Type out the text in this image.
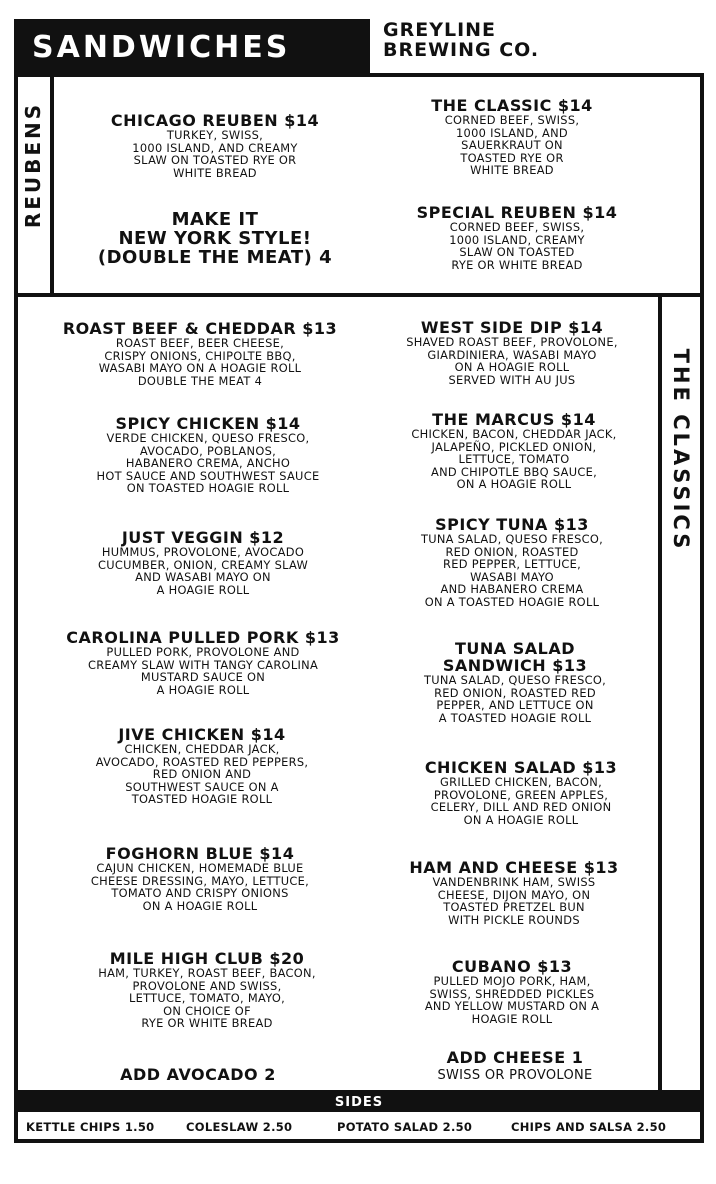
SANDWICHES	GREYLINE
BREWING CO.
REUBENS
THE CLASSICS
CHICAGO REUBEN $14
TURKEY, SWISS,
1000 ISLAND, AND CREAMY
SLAW ON TOASTED RYE OR
WHITE BREAD
MAKE IT
NEW YORK STYLE!
(DOUBLE THE MEAT) 4
THE CLASSIC $14
CORNED BEEF, SWISS,
1000 ISLAND, AND
SAUERKRAUT ON
TOASTED RYE OR
WHITE BREAD
SPECIAL REUBEN $14
CORNED BEEF, SWISS,
1000 ISLAND, CREAMY
SLAW ON TOASTED
RYE OR WHITE BREAD
ROAST BEEF & CHEDDAR $13
ROAST BEEF, BEER CHEESE,
CRISPY ONIONS, CHIPOLTE BBQ,
WASABI MAYO ON A HOAGIE ROLL
DOUBLE THE MEAT 4
SPICY CHICKEN $14
VERDE CHICKEN, QUESO FRESCO,
AVOCADO, POBLANOS,
HABANERO CREMA, ANCHO
HOT SAUCE AND SOUTHWEST SAUCE
ON TOASTED HOAGIE ROLL
JUST VEGGIN $12
HUMMUS, PROVOLONE, AVOCADO
CUCUMBER, ONION, CREAMY SLAW
AND WASABI MAYO ON
A HOAGIE ROLL
CAROLINA PULLED PORK $13
PULLED PORK, PROVOLONE AND
CREAMY SLAW WITH TANGY CAROLINA
MUSTARD SAUCE ON
A HOAGIE ROLL
JIVE CHICKEN $14
CHICKEN, CHEDDAR JACK,
AVOCADO, ROASTED RED PEPPERS,
RED ONION AND
SOUTHWEST SAUCE ON A
TOASTED HOAGIE ROLL
FOGHORN BLUE $14
CAJUN CHICKEN, HOMEMADE BLUE
CHEESE DRESSING, MAYO, LETTUCE,
TOMATO AND CRISPY ONIONS
ON A HOAGIE ROLL
MILE HIGH CLUB $20
HAM, TURKEY, ROAST BEEF, BACON,
PROVOLONE AND SWISS,
LETTUCE, TOMATO, MAYO,
ON CHOICE OF
RYE OR WHITE BREAD
ADD AVOCADO 2
WEST SIDE DIP $14
SHAVED ROAST BEEF, PROVOLONE,
GIARDINIERA, WASABI MAYO
ON A HOAGIE ROLL
SERVED WITH AU JUS
THE MARCUS $14
CHICKEN, BACON, CHEDDAR JACK,
JALAPEÑO, PICKLED ONION,
LETTUCE, TOMATO
AND CHIPOTLE BBQ SAUCE,
ON A HOAGIE ROLL
SPICY TUNA $13
TUNA SALAD, QUESO FRESCO,
RED ONION, ROASTED
RED PEPPER, LETTUCE,
WASABI MAYO
AND HABANERO CREMA
ON A TOASTED HOAGIE ROLL
TUNA SALAD
SANDWICH $13
TUNA SALAD, QUESO FRESCO,
RED ONION, ROASTED RED
PEPPER, AND LETTUCE ON
A TOASTED HOAGIE ROLL
CHICKEN SALAD $13
GRILLED CHICKEN, BACON,
PROVOLONE, GREEN APPLES,
CELERY, DILL AND RED ONION
ON A HOAGIE ROLL
HAM AND CHEESE $13
VANDENBRINK HAM, SWISS
CHEESE, DIJON MAYO, ON
TOASTED PRETZEL BUN
WITH PICKLE ROUNDS
CUBANO $13
PULLED MOJO PORK, HAM,
SWISS, SHREDDED PICKLES
AND YELLOW MUSTARD ON A
HOAGIE ROLL
ADD CHEESE 1
SWISS OR PROVOLONE
SIDES
KETTLE CHIPS 1.50	COLESLAW 2.50	POTATO SALAD 2.50	CHIPS AND SALSA 2.50
